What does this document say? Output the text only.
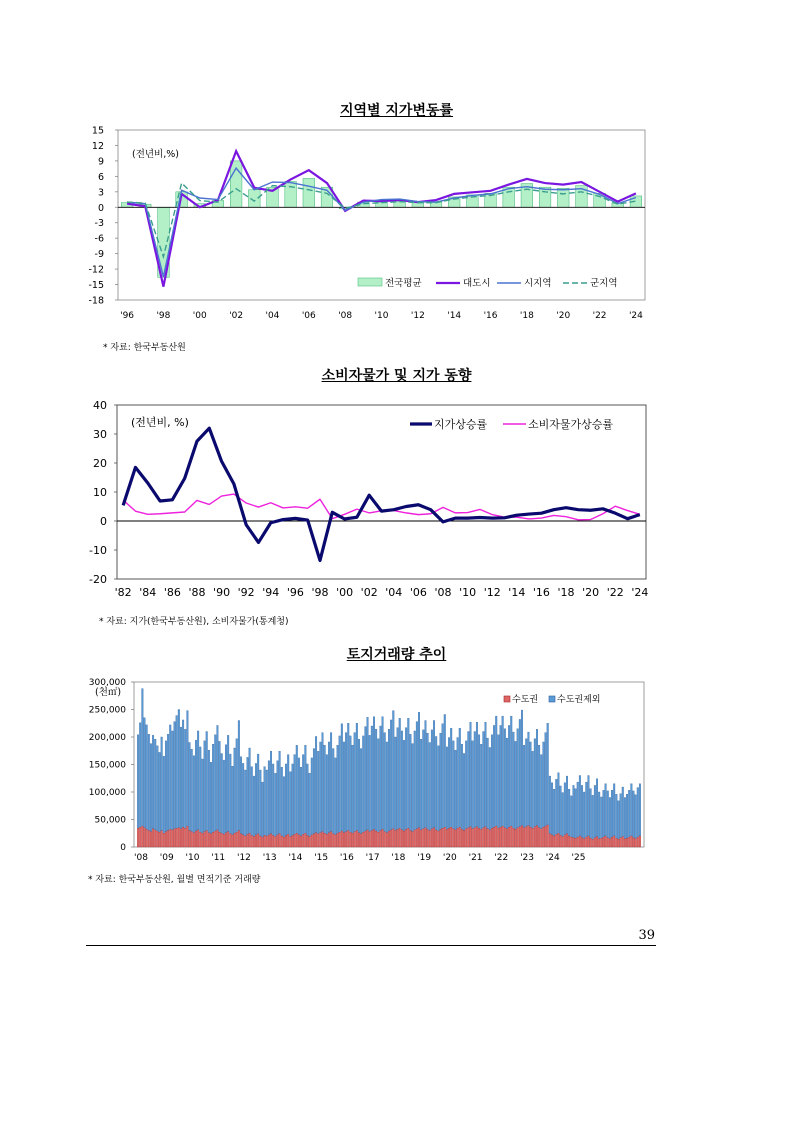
지역별 지가변동률
15
12
9
6
3
0
-3
-6
-9
-12
-15
-18
'96 '98 '00 '02 '04 '06 '08 '10 '12 '14 '16 '18 '20 '22 '24
(전년비,%)
전국평균	대도시	시지역	군지역
* 자료: 한국부동산원
소비자물가 및 지가 동향
40
30
20
10
0
-10
-20
'82 '84 '86 '88 '90 '92 '94 '96 '98 '00 '02 '04 '06 '08 '10 '12 '14 '16 '18 '20 '22 '24
(전년비, %)	지가상승률	소비자물가상승률
* 자료: 지가(한국부동산원), 소비자물가(통계청)
토지거래량 추이
300,000
250,000
200,000
150,000
100,000
50,000
0
'08 '09 '10 '11 '12 '13 '14 '15 '16 '17 '18 '19 '20 '21 '22 '23 '24 '25
(천㎡)
수도권 수도권제외
* 자료: 한국부동산원, 월별 면적기준 거래량
39
